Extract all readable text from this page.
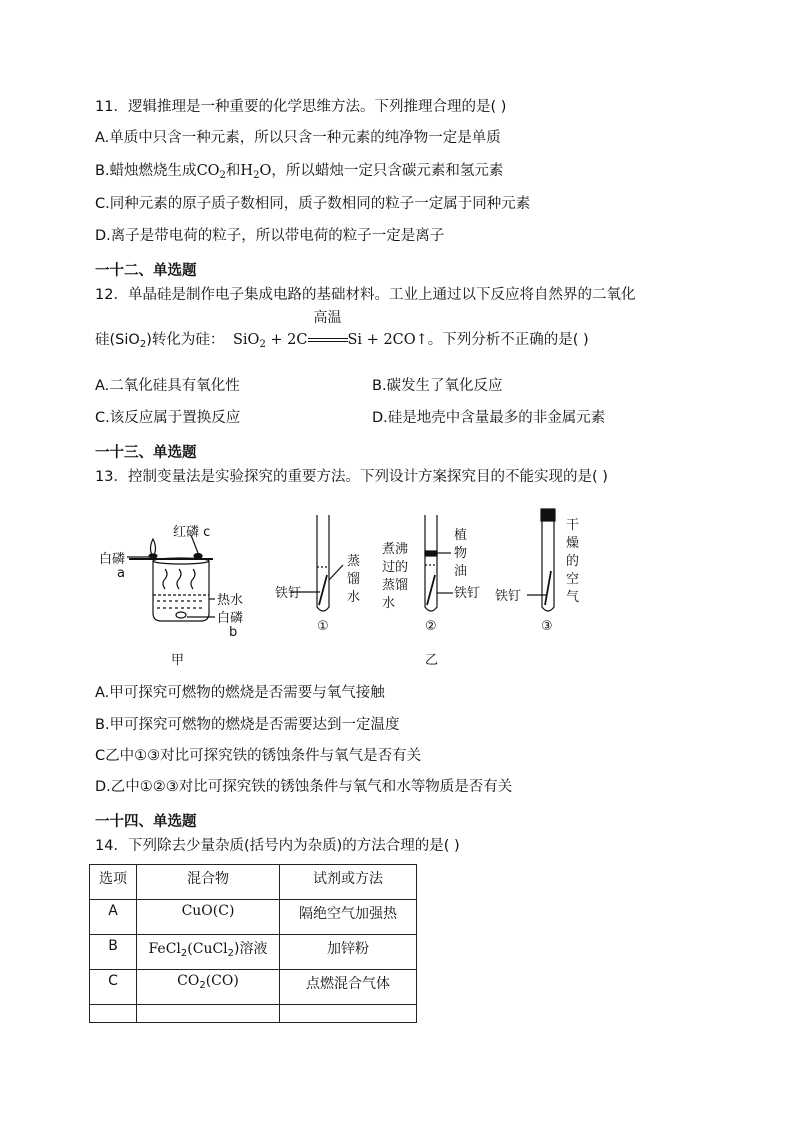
11．逻辑推理是一种重要的化学思维方法。下列推理合理的是( )
A.单质中只含一种元素，所以只含一种元素的纯净物一定是单质
B.蜡烛燃烧生成$CO_2$和$H_2O$，所以蜡烛一定只含碳元素和氢元素
C.同种元素的原子质子数相同，质子数相同的粒子一定属于同种元素
D.离子是带电荷的粒子，所以带电荷的粒子一定是离子
一十二、单选题
12．单晶硅是制作电子集成电路的基础材料。工业上通过以下反应将自然界的二氧化
硅(SiO$_2$)转化为硅： SiO$_2$ + 2C
高温
Si + 2CO↑。下列分析不正确的是( )
A.二氧化硅具有氧化性	B.碳发生了氧化反应
C.该反应属于置换反应	D.硅是地壳中含量最多的非金属元素
一十三、单选题
13．控制变量法是实验探究的重要方法。下列设计方案探究目的不能实现的是( )
红磷 c
白磷
a
热水
白磷
b
甲
铁钉
蒸
馏
水
①
煮沸
过的
蒸馏
水
植
物
油
铁钉
②
乙
铁钉
干
燥
的
空
气
③
A.甲可探究可燃物的燃烧是否需要与氧气接触
B.甲可探究可燃物的燃烧是否需要达到一定温度
C乙中①③对比可探究铁的锈蚀条件与氧气是否有关
D.乙中①②③对比可探究铁的锈蚀条件与氧气和水等物质是否有关
一十四、单选题
14．下列除去少量杂质(括号内为杂质)的方法合理的是( )
选项	混合物	试剂或方法
A	CuO(C)	隔绝空气加强热
B	FeCl$_2$(CuCl$_2$)溶液	加锌粉
C	$CO_2(CO)$	点燃混合气体
